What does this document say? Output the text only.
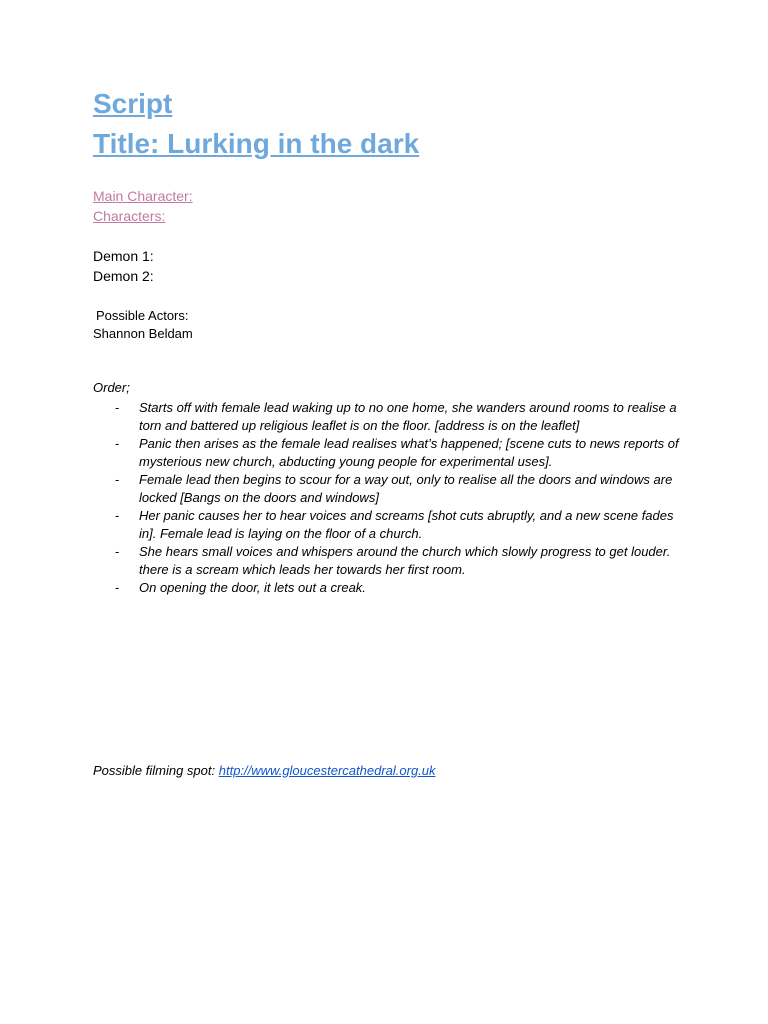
Script
Title: Lurking in the dark
Main Character:
Characters:
Demon 1:
Demon 2:
Possible Actors:
Shannon Beldam
Order;
- Starts off with female lead waking up to no one home, she wanders around rooms to realise a torn and battered up religious leaflet is on the floor. [address is on the leaflet]
- Panic then arises as the female lead realises what’s happened; [scene cuts to news reports of mysterious new church, abducting young people for experimental uses].
- Female lead then begins to scour for a way out, only to realise all the doors and windows are locked [Bangs on the doors and windows]
- Her panic causes her to hear voices and screams [shot cuts abruptly, and a new scene fades in]. Female lead is laying on the floor of a church.
- She hears small voices and whispers around the church which slowly progress to get louder. there is a scream which leads her towards her first room.
- On opening the door, it lets out a creak.
Possible filming spot: http://www.gloucestercathedral.org.uk
